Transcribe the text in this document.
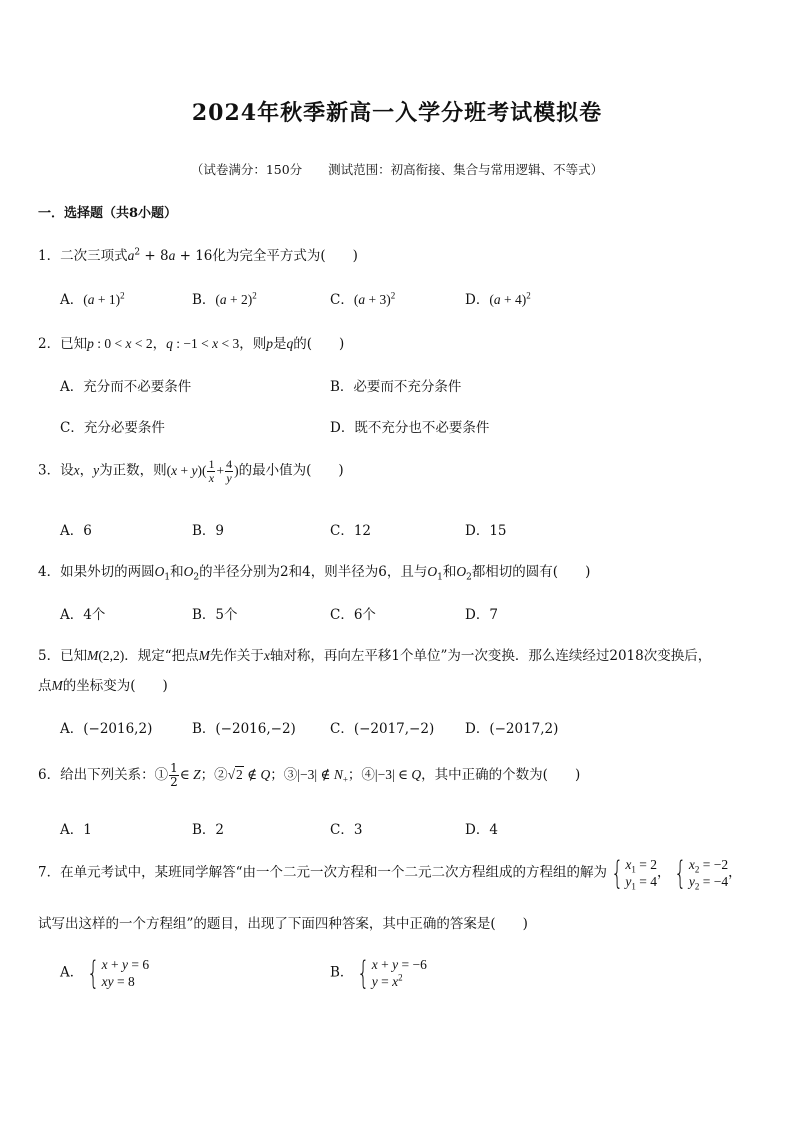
2024年秋季新高一入学分班考试模拟卷
（试卷满分：150分 测试范围：初高衔接、集合与常用逻辑、不等式）
一．选择题（共8小题）
1．二次三项式$a^2 + 8a + 16$化为完全平方式为(　　)
A．$(a + 1)^2$	B．$(a + 2)^2$	C．$(a + 3)^2$	D．$(a + 4)^2$
2．已知p : 0 < x < 2，q : −1 < x < 3，则p是q的(　　)
A．充分而不必要条件	B．必要而不充分条件
C．充分必要条件	D．既不充分也不必要条件
3．设x，y为正数，则$(x + y)( \frac{1}{x} + \frac{4}{y}$ )的最小值为(　　)
A．6	B．9	C．12	D．15
4．如果外切的两圆$O_1$和$O_2$的半径分别为2和4，则半径为6，且与$O_1$和$O_2$都相切的圆有(　　)
A．4个	B．5个	C．6个	D．7
5．已知M(2,2)．规定“把点M先作关于x轴对称，再向左平移1个单位”为一次变换．那么连续经过2018次变换后，
点M的坐标变为(　　)
A．(−2016,2)	B．(−2016,−2)	C．(−2017,−2) D．(−2017,2)
6．给出下列关系：① $\frac{1}{2}$ ∈ Z；②√2 ∉ Q；③|−3| ∉ $N_+$；④|−3| ∈ Q，其中正确的个数为(　　)
A．1	B．2	C．3	D．4
7．在单元考试中，某班同学解答“由一个二元一次方程和一个二元二次方程组成的方程组的解为 { $x_1 = 2$
$y_1 = 4$
， { $x_2 = -2$
$y_2 = -4$
，
试写出这样的一个方程组”的题目，出现了下面四种答案，其中正确的答案是(　　)
A． { x + y = 6
xy = 8
B． { x + y = −6
$y = x^2$
